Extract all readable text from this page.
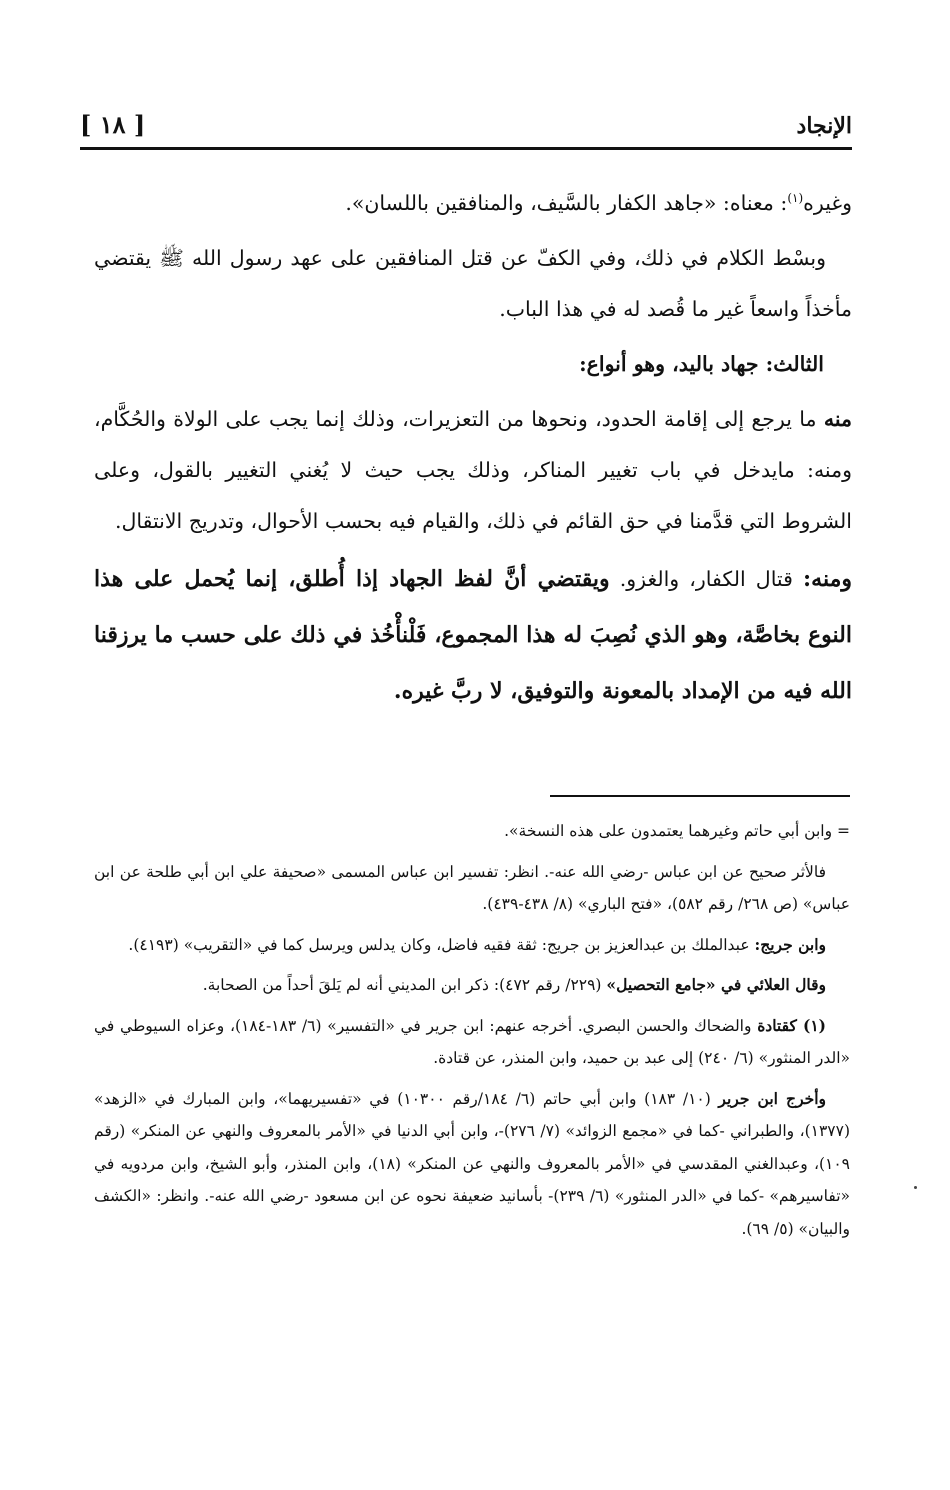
الإنجاد
[ ١٨ ]

وغيره$^{(١)}$: معناه: «جاهد الكفار بالسَّيف، والمنافقين باللسان».

وبسْط الكلام في ذلك، وفي الكفّ عن قتل المنافقين على عهد رسول الله ﷺ يقتضي مأخذاً واسعاً غير ما قُصد له في هذا الباب.

الثالث: جهاد باليد، وهو أنواع:

منه ما يرجع إلى إقامة الحدود، ونحوها من التعزيرات، وذلك إنما يجب على الولاة والحُكَّام، ومنه: مايدخل في باب تغيير المناكر، وذلك يجب حيث لا يُغني التغيير بالقول، وعلى الشروط التي قدَّمنا في حق القائم في ذلك، والقيام فيه بحسب الأحوال، وتدريج الانتقال.

ومنه: قتال الكفار، والغزو. ويقتضي أنَّ لفظ الجهاد إذا أُطلق، إنما يُحمل على هذا النوع بخاصَّة، وهو الذي نُصِبَ له هذا المجموع، فَلْنأْخُذ في ذلك على حسب ما يرزقنا الله فيه من الإمداد بالمعونة والتوفيق، لا ربَّ غيره.

= وابن أبي حاتم وغيرهما يعتمدون على هذه النسخة».

فالأثر صحيح عن ابن عباس -رضي الله عنه-. انظر: تفسير ابن عباس المسمى «صحيفة علي ابن أبي طلحة عن ابن عباس» (ص ٢٦٨/ رقم ٥٨٢)، «فتح الباري» (٨/ ٤٣٨-٤٣٩).

وابن جريج: عبدالملك بن عبدالعزيز بن جريج: ثقة فقيه فاضل، وكان يدلس ويرسل كما في «التقريب» (٤١٩٣).

وقال العلائي في «جامع التحصيل» (٢٢٩/ رقم ٤٧٢): ذكر ابن المديني أنه لم يَلقَ أحداً من الصحابة.

(١) كقتادة والضحاك والحسن البصري. أخرجه عنهم: ابن جرير في «التفسير» (٦/ ١٨٣-١٨٤)، وعزاه السيوطي في «الدر المنثور» (٦/ ٢٤٠) إلى عبد بن حميد، وابن المنذر، عن قتادة.

وأخرج ابن جرير (١٠/ ١٨٣) وابن أبي حاتم (٦/ ١٨٤/رقم ١٠٣٠٠) في «تفسيريهما»، وابن المبارك في «الزهد» (١٣٧٧)، والطبراني -كما في «مجمع الزوائد» (٧/ ٢٧٦)-، وابن أبي الدنيا في «الأمر بالمعروف والنهي عن المنكر» (رقم ١٠٩)، وعبدالغني المقدسي في «الأمر بالمعروف والنهي عن المنكر» (١٨)، وابن المنذر، وأبو الشيخ، وابن مردويه في «تفاسيرهم» -كما في «الدر المنثور» (٦/ ٢٣٩)- بأسانيد ضعيفة نحوه عن ابن مسعود -رضي الله عنه-. وانظر: «الكشف والبيان» (٥/ ٦٩).
